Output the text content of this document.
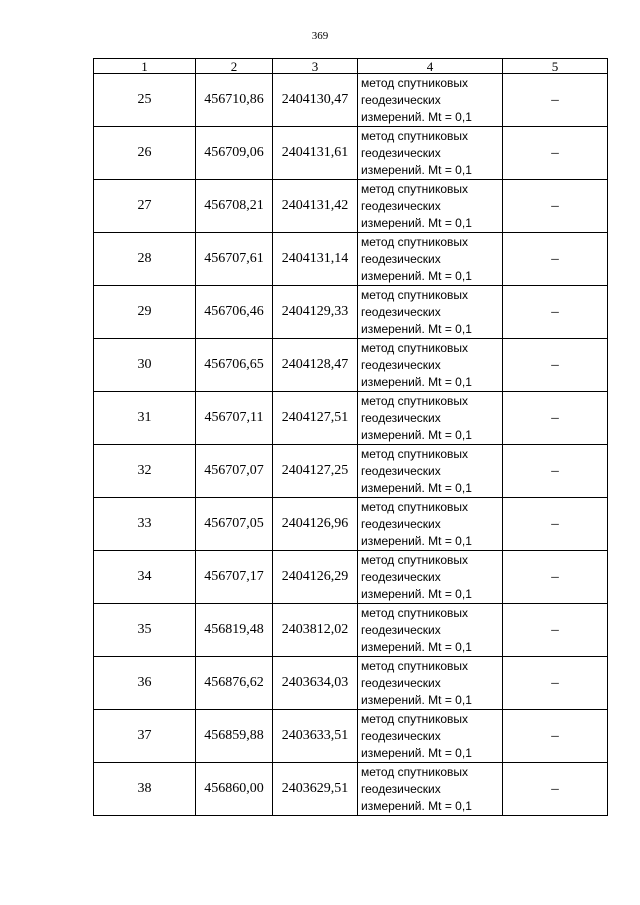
369
1	2	3	4	5
25	456710,86	2404130,47	метод спутниковых
геодезических
измерений. Mt = 0,1	–
26	456709,06	2404131,61	метод спутниковых
геодезических
измерений. Mt = 0,1	–
27	456708,21	2404131,42	метод спутниковых
геодезических
измерений. Mt = 0,1	–
28	456707,61	2404131,14	метод спутниковых
геодезических
измерений. Mt = 0,1	–
29	456706,46	2404129,33	метод спутниковых
геодезических
измерений. Mt = 0,1	–
30	456706,65	2404128,47	метод спутниковых
геодезических
измерений. Mt = 0,1	–
31	456707,11	2404127,51	метод спутниковых
геодезических
измерений. Mt = 0,1	–
32	456707,07	2404127,25	метод спутниковых
геодезических
измерений. Mt = 0,1	–
33	456707,05	2404126,96	метод спутниковых
геодезических
измерений. Mt = 0,1	–
34	456707,17	2404126,29	метод спутниковых
геодезических
измерений. Mt = 0,1	–
35	456819,48	2403812,02	метод спутниковых
геодезических
измерений. Mt = 0,1	–
36	456876,62	2403634,03	метод спутниковых
геодезических
измерений. Mt = 0,1	–
37	456859,88	2403633,51	метод спутниковых
геодезических
измерений. Mt = 0,1	–
38	456860,00	2403629,51	метод спутниковых
геодезических
измерений. Mt = 0,1	–
